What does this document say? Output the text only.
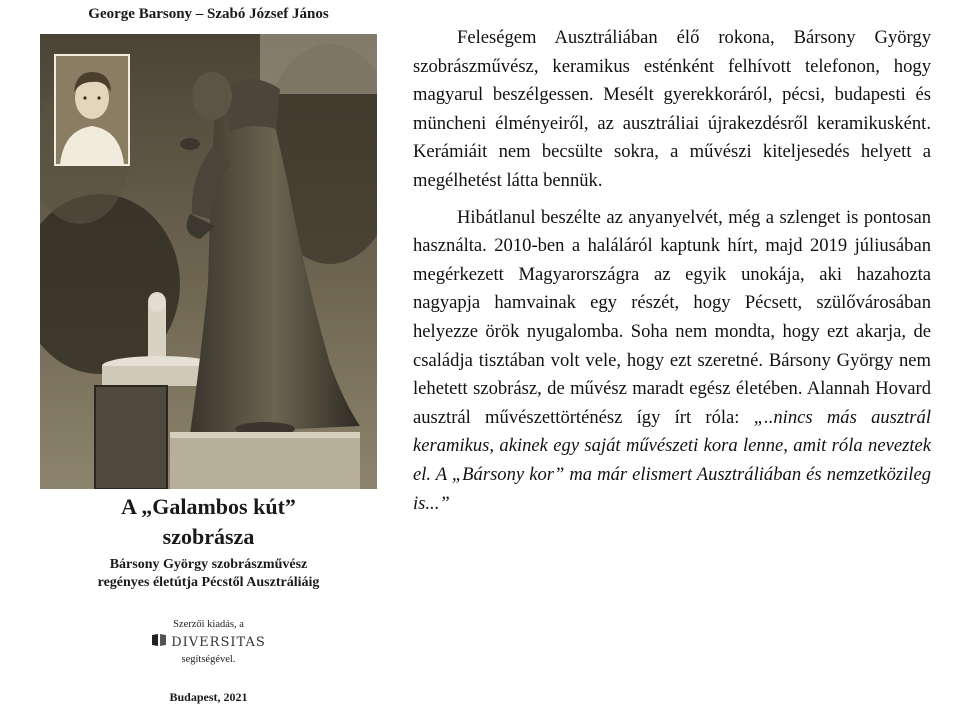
George Barsony – Szabó József János
A „Galambos kút”
szobrásza
Bársony György szobrászművész
regényes életútja Pécstől Ausztráliáig
Szerzői kiadás, a
DIVERSITAS
segítségével.
Budapest, 2021

Feleségem Ausztráliában élő rokona, Bársony György szobrászművész, keramikus esténként felhívott telefonon, hogy magyarul beszélgessen. Mesélt gyerekkoráról, pécsi, budapesti és müncheni élményeiről, az ausztráliai újrakezdésről keramikusként. Kerámiáit nem becsülte sokra, a művészi kiteljesedés helyett a megélhetést látta bennük.

Hibátlanul beszélte az anyanyelvét, még a szlenget is pontosan használta. 2010-ben a haláláról kaptunk hírt, majd 2019 júliusában megérkezett Magyarországra az egyik unokája, aki hazahozta nagyapja hamvainak egy részét, hogy Pécsett, szülővárosában helyezze örök nyugalomba. Soha nem mondta, hogy ezt akarja, de családja tisztában volt vele, hogy ezt szeretné. Bársony György nem lehetett szobrász, de művész maradt egész életében. Alannah Hovard ausztrál művészettörténész így írt róla: „..nincs más ausztrál keramikus, akinek egy saját művészeti kora lenne, amit róla neveztek el. A „Bársony kor” ma már elismert Ausztráliában és nemzetközileg is...”
